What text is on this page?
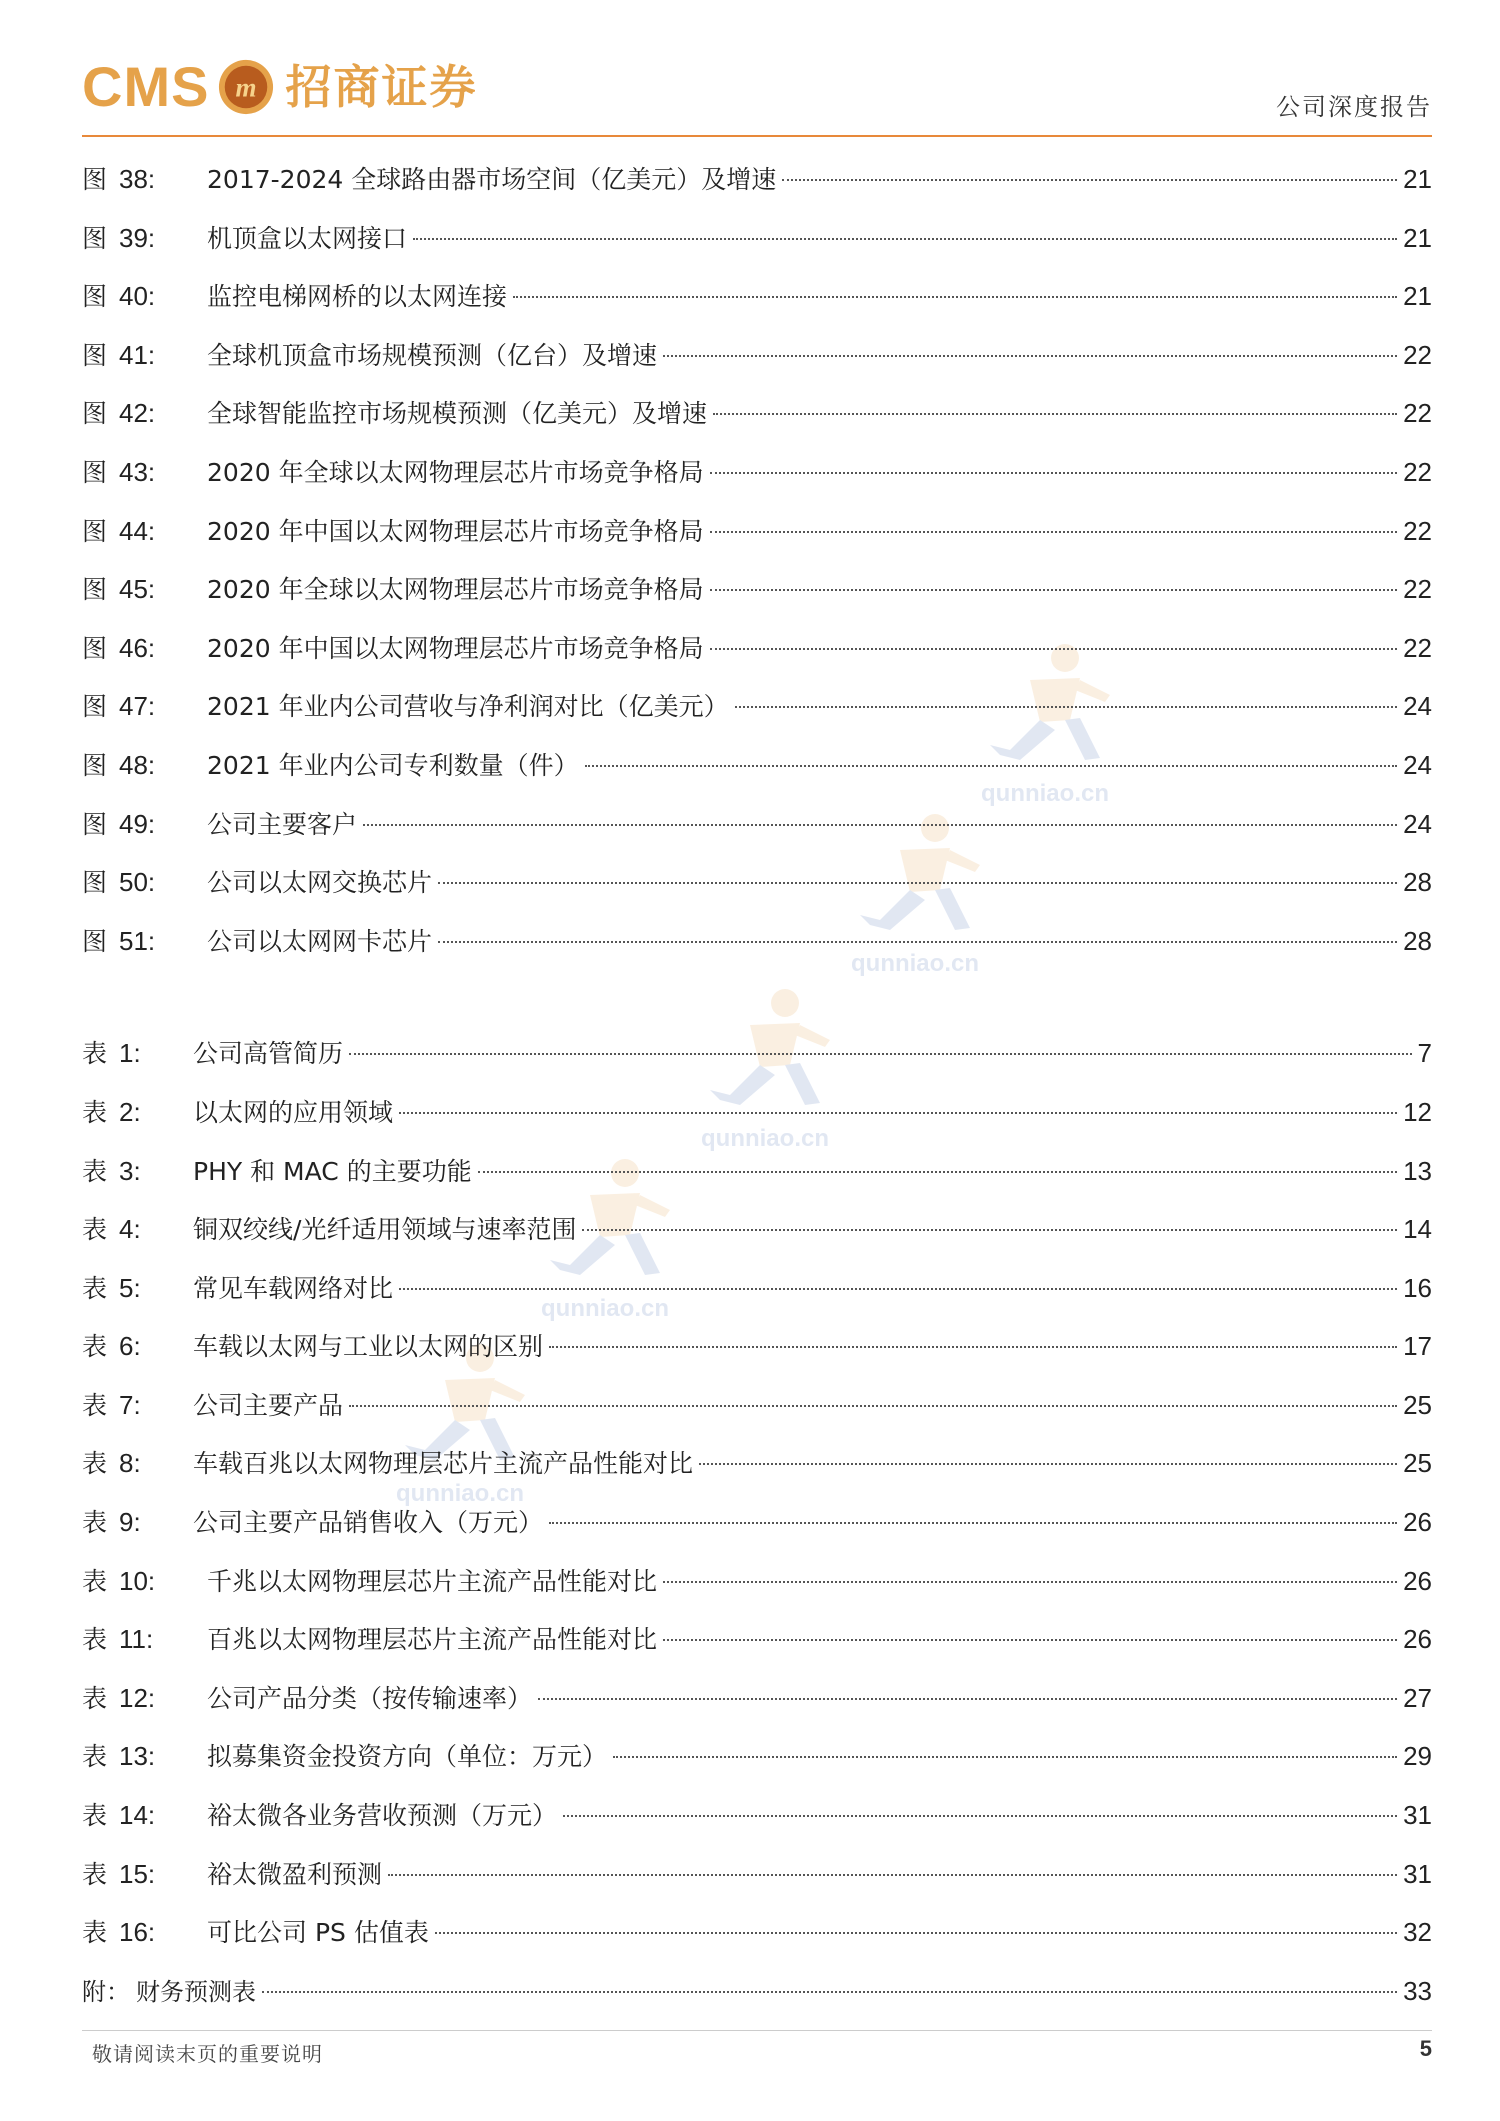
CMS m 招商证券	公司深度报告
qunniao.cn
qunniao.cn
qunniao.cn
qunniao.cn
qunniao.cn
图 38:	2017-2024 全球路由器市场空间（亿美元）及增速	21
图 39:	机顶盒以太网接口	21
图 40:	监控电梯网桥的以太网连接	21
图 41:	全球机顶盒市场规模预测（亿台）及增速	22
图 42:	全球智能监控市场规模预测（亿美元）及增速	22
图 43:	2020 年全球以太网物理层芯片市场竞争格局	22
图 44:	2020 年中国以太网物理层芯片市场竞争格局	22
图 45:	2020 年全球以太网物理层芯片市场竞争格局	22
图 46:	2020 年中国以太网物理层芯片市场竞争格局	22
图 47:	2021 年业内公司营收与净利润对比（亿美元）	24
图 48:	2021 年业内公司专利数量（件）	24
图 49:	公司主要客户	24
图 50:	公司以太网交换芯片	28
图 51:	公司以太网网卡芯片	28
表 1:	公司高管简历	7
表 2:	以太网的应用领域	12
表 3:	PHY 和 MAC 的主要功能	13
表 4:	铜双绞线/光纤适用领域与速率范围	14
表 5:	常见车载网络对比	16
表 6:	车载以太网与工业以太网的区别	17
表 7:	公司主要产品	25
表 8:	车载百兆以太网物理层芯片主流产品性能对比	25
表 9:	公司主要产品销售收入（万元）	26
表 10:	千兆以太网物理层芯片主流产品性能对比	26
表 11:	百兆以太网物理层芯片主流产品性能对比	26
表 12:	公司产品分类（按传输速率）	27
表 13:	拟募集资金投资方向（单位：万元）	29
表 14:	裕太微各业务营收预测（万元）	31
表 15:	裕太微盈利预测	31
表 16:	可比公司 PS 估值表	32
附： 财务预测表	33
敬请阅读末页的重要说明	5
